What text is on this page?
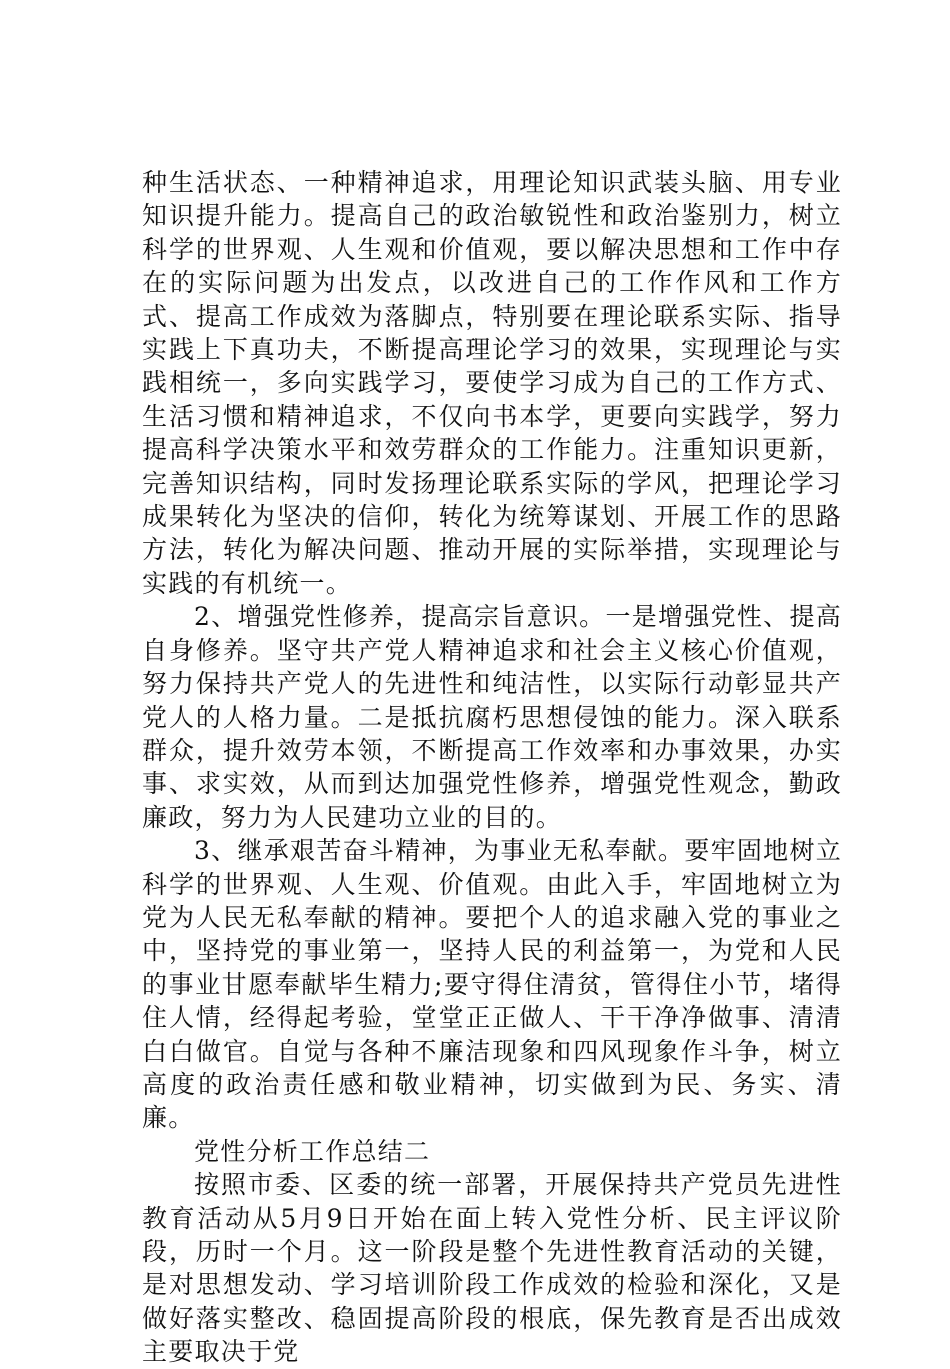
种生活状态、一种精神追求，用理论知识武装头脑、用专业知识提升能力。提高自己的政治敏锐性和政治鉴别力，树立科学的世界观、人生观和价值观，要以解决思想和工作中存在的实际问题为出发点，以改进自己的工作作风和工作方式、提高工作成效为落脚点，特别要在理论联系实际、指导实践上下真功夫，不断提高理论学习的效果，实现理论与实践相统一，多向实践学习，要使学习成为自己的工作方式、生活习惯和精神追求，不仅向书本学，更要向实践学，努力提高科学决策水平和效劳群众的工作能力。注重知识更新，完善知识结构，同时发扬理论联系实际的学风，把理论学习成果转化为坚决的信仰，转化为统筹谋划、开展工作的思路方法，转化为解决问题、推动开展的实际举措，实现理论与实践的有机统一。

2、增强党性修养，提高宗旨意识。一是增强党性、提高自身修养。坚守共产党人精神追求和社会主义核心价值观，努力保持共产党人的先进性和纯洁性，以实际行动彰显共产党人的人格力量。二是抵抗腐朽思想侵蚀的能力。深入联系群众，提升效劳本领，不断提高工作效率和办事效果，办实事、求实效，从而到达加强党性修养，增强党性观念，勤政廉政，努力为人民建功立业的目的。

3、继承艰苦奋斗精神，为事业无私奉献。要牢固地树立科学的世界观、人生观、价值观。由此入手，牢固地树立为党为人民无私奉献的精神。要把个人的追求融入党的事业之中，坚持党的事业第一，坚持人民的利益第一，为党和人民的事业甘愿奉献毕生精力;要守得住清贫，管得住小节，堵得住人情，经得起考验，堂堂正正做人、干干净净做事、清清白白做官。自觉与各种不廉洁现象和四风现象作斗争，树立高度的政治责任感和敬业精神，切实做到为民、务实、清廉。

党性分析工作总结二

按照市委、区委的统一部署，开展保持共产党员先进性教育活动从5月9日开始在面上转入党性分析、民主评议阶段，历时一个月。这一阶段是整个先进性教育活动的关键，是对思想发动、学习培训阶段工作成效的检验和深化，又是做好落实整改、稳固提高阶段的根底，保先教育是否出成效主要取决于党
